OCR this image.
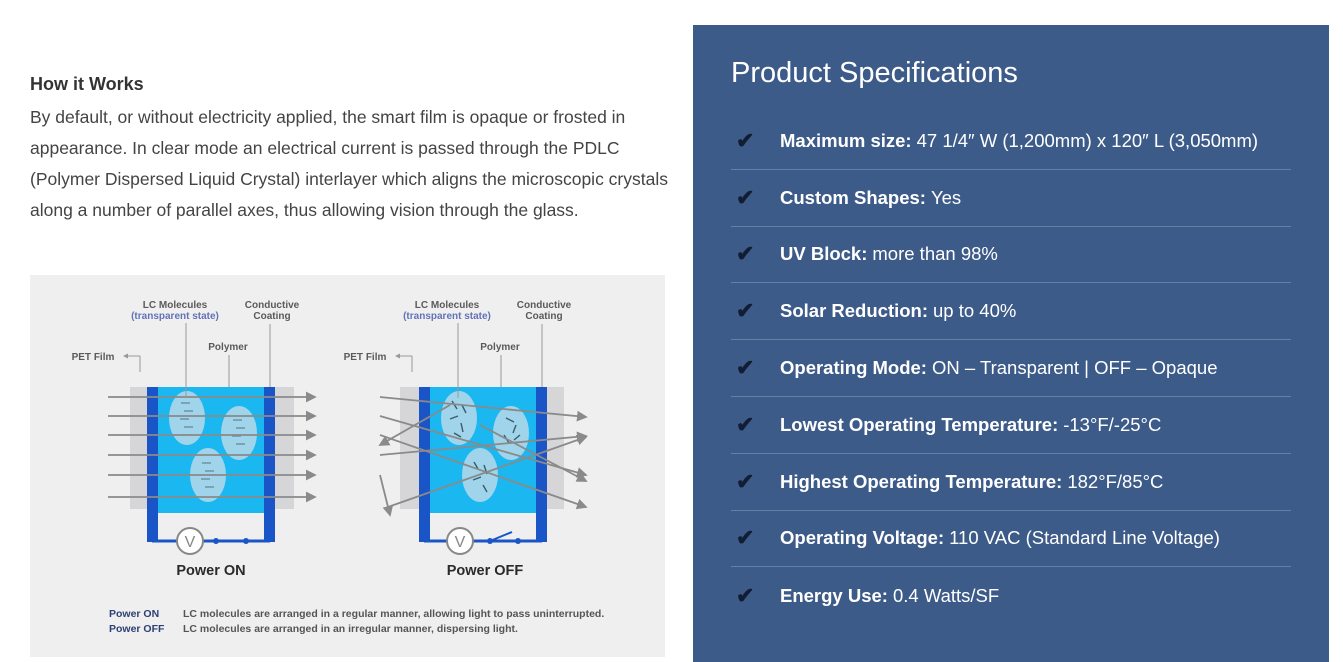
How it Works

By default, or without electricity applied, the smart film is opaque or frosted in appearance. In clear mode an electrical current is passed through the PDLC (Polymer Dispersed Liquid Crystal) interlayer which aligns the microscopic crystals along a number of parallel axes, thus allowing vision through the glass.

V
LC Molecules
(transparent state)
Conductive
Coating
Polymer
PET Film
Power ON
V
LC Molecules
(transparent state)
Conductive
Coating
Polymer
PET Film
Power OFF
Power ON LC molecules are arranged in a regular manner, allowing light to pass uninterrupted.
Power OFF LC molecules are arranged in an irregular manner, dispersing light.
Product Specifications
✔	Maximum size: 47 1/4″ W (1,200mm) x 120″ L (3,050mm)
✔	Custom Shapes: Yes
✔	UV Block: more than 98%
✔	Solar Reduction: up to 40%
✔	Operating Mode: ON – Transparent | OFF – Opaque
✔	Lowest Operating Temperature: -13°F/-25°C
✔	Highest Operating Temperature: 182°F/85°C
✔	Operating Voltage: 110 VAC (Standard Line Voltage)
✔	Energy Use: 0.4 Watts/SF
